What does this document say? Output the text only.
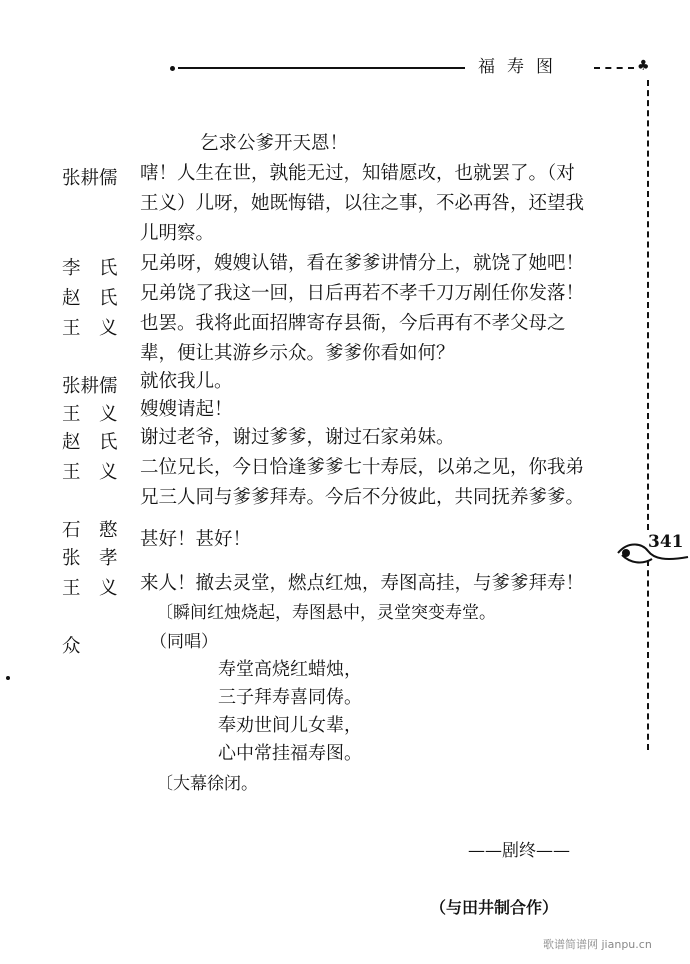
福寿图	♣
341
乞求公爹开天恩！
张耕儒 嗐！人生在世，孰能无过，知错愿改，也就罢了。（对
王义）儿呀，她既悔错，以往之事，不必再咎，还望我
儿明察。
李　氏 兄弟呀，嫂嫂认错，看在爹爹讲情分上，就饶了她吧！
赵　氏 兄弟饶了我这一回，日后再若不孝千刀万剐任你发落！
王　义 也罢。我将此面招牌寄存县衙，今后再有不孝父母之
辈，便让其游乡示众。爹爹你看如何？
张耕儒 就依我儿。
王　义 嫂嫂请起！
赵　氏 谢过老爷，谢过爹爹，谢过石家弟妹。
王　义 二位兄长，今日恰逢爹爹七十寿辰，以弟之见，你我弟
兄三人同与爹爹拜寿。今后不分彼此，共同抚养爹爹。
石　憨
张　孝
甚好！甚好！
王　义 来人！撤去灵堂，燃点红烛，寿图高挂，与爹爹拜寿！
〔瞬间红烛烧起，寿图悬中，灵堂突变寿堂。
众	（同唱）
寿堂高烧红蜡烛，
三子拜寿喜同俦。
奉劝世间儿女辈，
心中常挂福寿图。
〔大幕徐闭。
——剧终——
（与田井制合作）
歌谱简谱网 jianpu.cn
